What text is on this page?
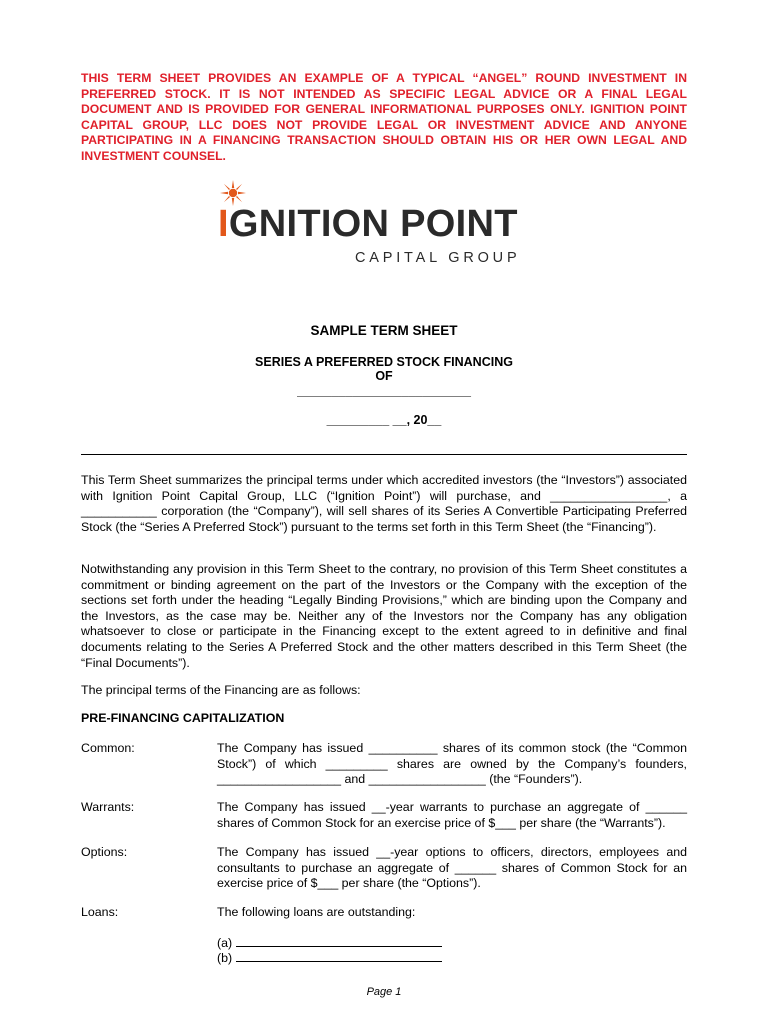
THIS TERM SHEET PROVIDES AN EXAMPLE OF A TYPICAL “ANGEL” ROUND INVESTMENT IN PREFERRED STOCK. IT IS NOT INTENDED AS SPECIFIC LEGAL ADVICE OR A FINAL LEGAL DOCUMENT AND IS PROVIDED FOR GENERAL INFORMATIONAL PURPOSES ONLY. IGNITION POINT CAPITAL GROUP, LLC DOES NOT PROVIDE LEGAL OR INVESTMENT ADVICE AND ANYONE PARTICIPATING IN A FINANCING TRANSACTION SHOULD OBTAIN HIS OR HER OWN LEGAL AND INVESTMENT COUNSEL.

IGNITION POINT
CAPITAL GROUP

SAMPLE TERM SHEET

SERIES A PREFERRED STOCK FINANCING

OF

_________________________

_________ __, 20__

This Term Sheet summarizes the principal terms under which accredited investors (the “Investors”) associated with Ignition Point Capital Group, LLC (“Ignition Point”) will purchase, and _________________, a ___________ corporation (the “Company”), will sell shares of its Series A Convertible Participating Preferred Stock (the “Series A Preferred Stock”) pursuant to the terms set forth in this Term Sheet (the “Financing”).

Notwithstanding any provision in this Term Sheet to the contrary, no provision of this Term Sheet constitutes a commitment or binding agreement on the part of the Investors or the Company with the exception of the sections set forth under the heading “Legally Binding Provisions,” which are binding upon the Company and the Investors, as the case may be. Neither any of the Investors nor the Company has any obligation whatsoever to close or participate in the Financing except to the extent agreed to in definitive and final documents relating to the Series A Preferred Stock and the other matters described in this Term Sheet (the “Final Documents”).

The principal terms of the Financing are as follows:

PRE-FINANCING CAPITALIZATION

Common:	The Company has issued __________ shares of its common stock (the “Common Stock”) of which _________ shares are owned by the Company’s founders, __________________ and _________________ (the “Founders”).

Warrants:	The Company has issued __-year warrants to purchase an aggregate of ______ shares of Common Stock for an exercise price of $___ per share (the “Warrants”).

Options:	The Company has issued __-year options to officers, directors, employees and consultants to purchase an aggregate of ______ shares of Common Stock for an exercise price of $___ per share (the “Options”).

Loans:	The following loans are outstanding:

(a)

(b)

Page 1
